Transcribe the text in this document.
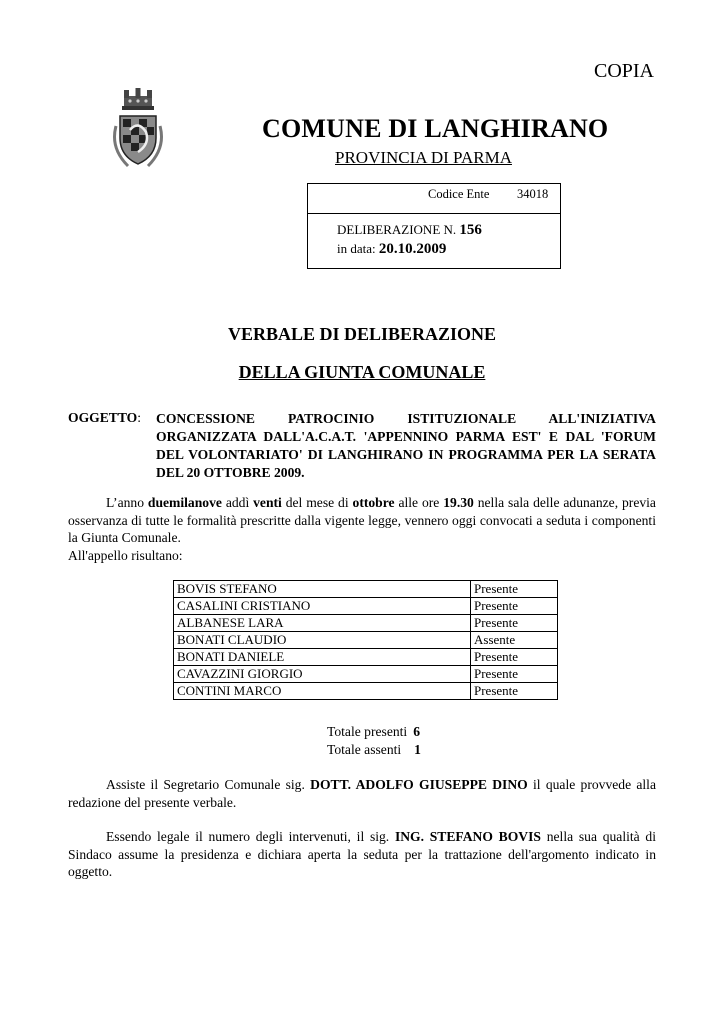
COPIA
COMUNE DI LANGHIRANO
PROVINCIA DI PARMA
Codice Ente 34018
DELIBERAZIONE N. 156
in data: 20.10.2009
VERBALE DI DELIBERAZIONE
DELLA GIUNTA COMUNALE
OGGETTO: CONCESSIONE PATROCINIO ISTITUZIONALE ALL'INIZIATIVA ORGANIZZATA DALL'A.C.A.T. 'APPENNINO PARMA EST' E DAL 'FORUM DEL VOLONTARIATO' DI LANGHIRANO IN PROGRAMMA PER LA SERATA DEL 20 OTTOBRE 2009.
L’anno duemilanove addì venti del mese di ottobre alle ore 19.30 nella sala delle adunanze, previa osservanza di tutte le formalità prescritte dalla vigente legge, vennero oggi convocati a seduta i componenti la Giunta Comunale.
All'appello risultano:
BOVIS STEFANO	Presente
CASALINI CRISTIANO	Presente
ALBANESE LARA	Presente
BONATI CLAUDIO	Assente
BONATI DANIELE	Presente
CAVAZZINI GIORGIO	Presente
CONTINI MARCO	Presente
Totale presenti 6
Totale assenti 1
Assiste il Segretario Comunale sig. DOTT. ADOLFO GIUSEPPE DINO il quale provvede alla redazione del presente verbale.
Essendo legale il numero degli intervenuti, il sig. ING. STEFANO BOVIS nella sua qualità di Sindaco assume la presidenza e dichiara aperta la seduta per la trattazione dell'argomento indicato in oggetto.
